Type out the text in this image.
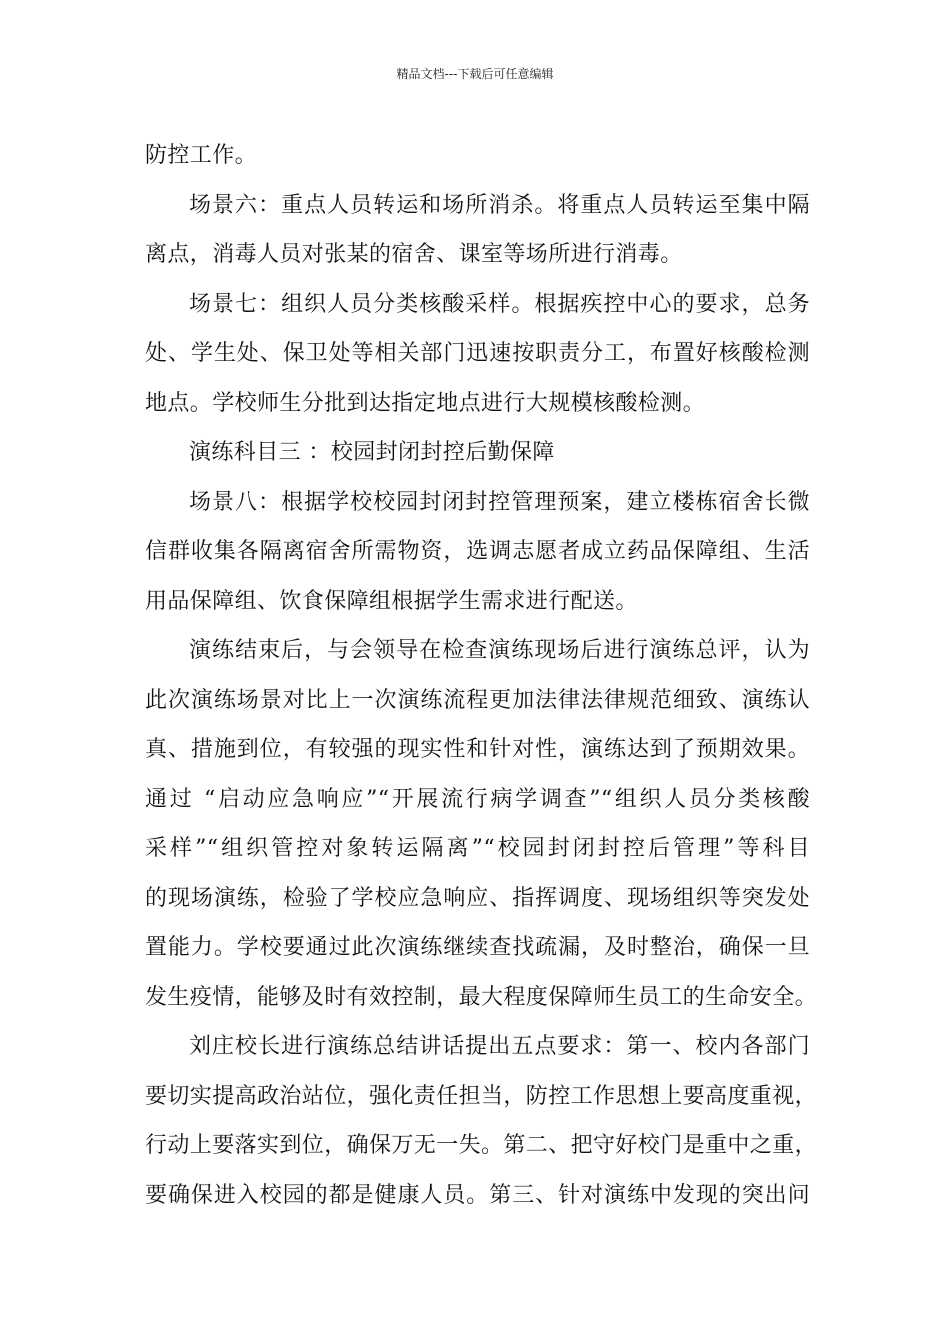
精品文档---下载后可任意编辑
防控工作。
场景六：重点人员转运和场所消杀。将重点人员转运至集中隔
离点，消毒人员对张某的宿舍、课室等场所进行消毒。
场景七：组织人员分类核酸采样。根据疾控中心的要求，总务
处、学生处、保卫处等相关部门迅速按职责分工，布置好核酸检测
地点。学校师生分批到达指定地点进行大规模核酸检测。
演练科目三 ：校园封闭封控后勤保障
场景八：根据学校校园封闭封控管理预案，建立楼栋宿舍长微
信群收集各隔离宿舍所需物资，选调志愿者成立药品保障组、生活
用品保障组、饮食保障组根据学生需求进行配送。
演练结束后，与会领导在检查演练现场后进行演练总评，认为
此次演练场景对比上一次演练流程更加法律法律规范细致、演练认
真、措施到位，有较强的现实性和针对性，演练达到了预期效果。
通过 “启动应急响应”“开展流行病学调查”“组织人员分类核酸
采样”“组织管控对象转运隔离”“校园封闭封控后管理”等科目
的现场演练，检验了学校应急响应、指挥调度、现场组织等突发处
置能力。学校要通过此次演练继续查找疏漏，及时整治，确保一旦
发生疫情，能够及时有效控制，最大程度保障师生员工的生命安全。
刘庄校长进行演练总结讲话提出五点要求：第一、校内各部门
要切实提高政治站位，强化责任担当，防控工作思想上要高度重视，
行动上要落实到位，确保万无一失。第二、把守好校门是重中之重，
要确保进入校园的都是健康人员。第三、针对演练中发现的突出问
